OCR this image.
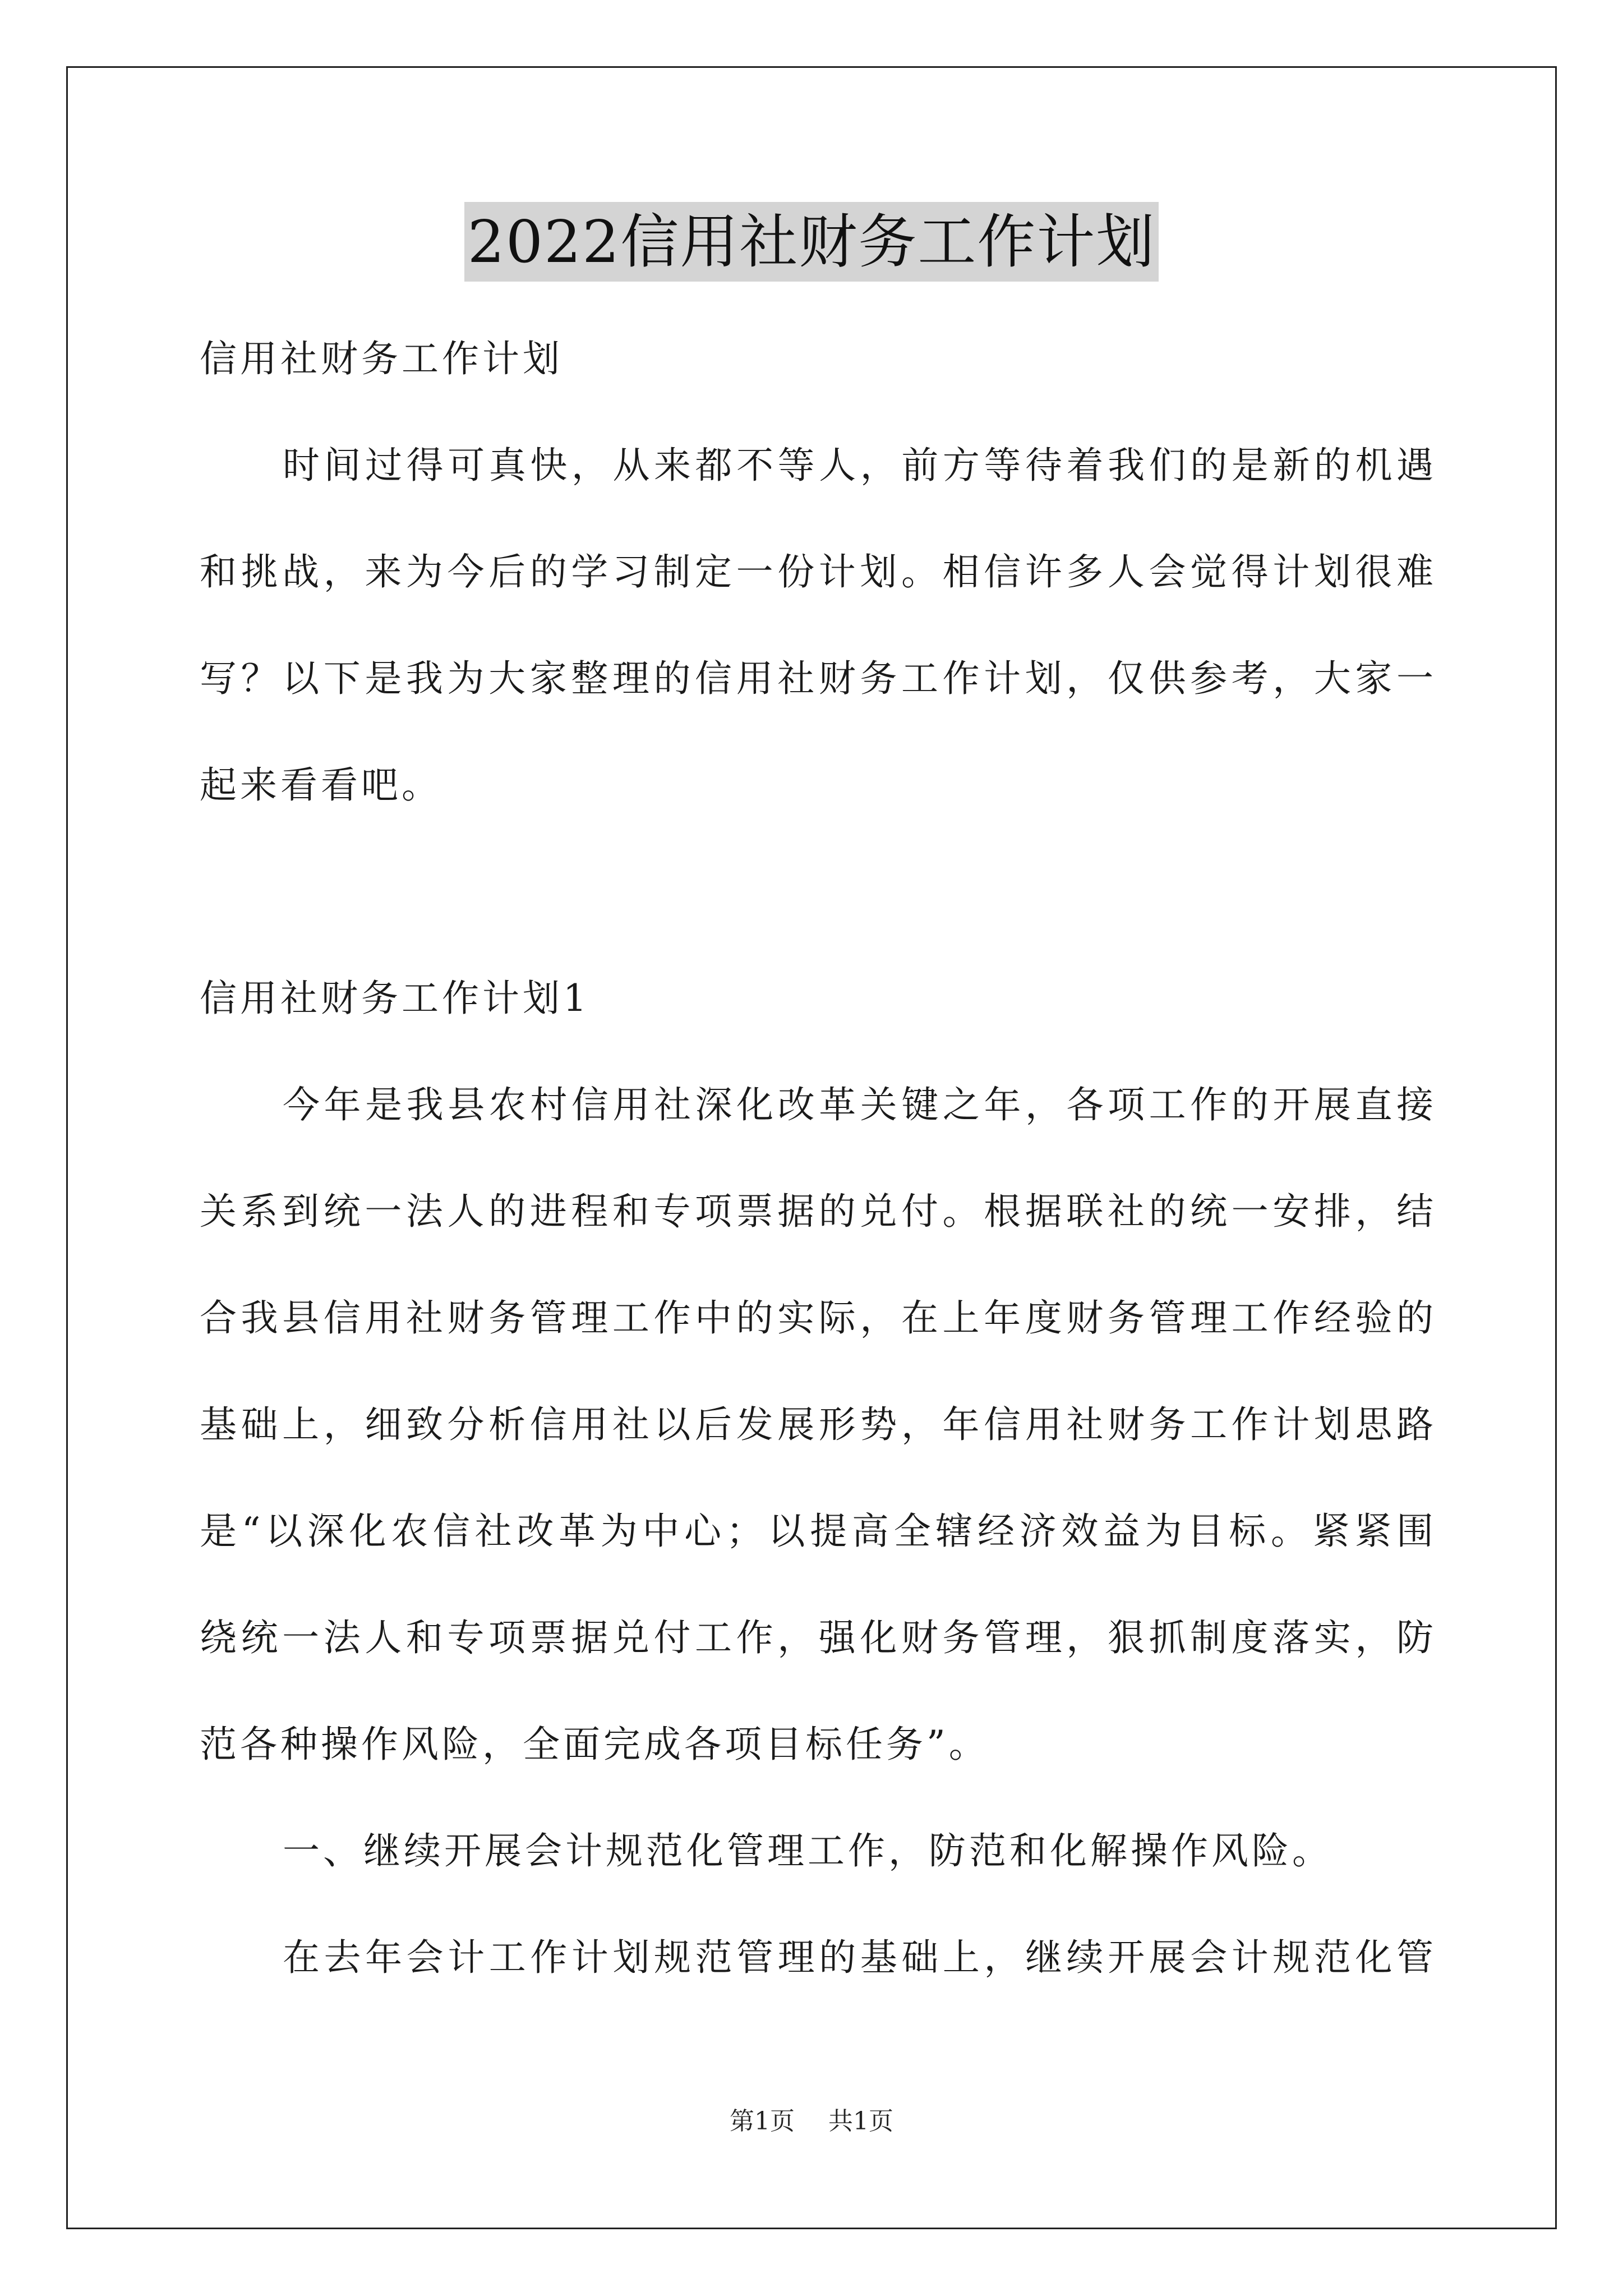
2022信用社财务工作计划
信用社财务工作计划
时间过得可真快，从来都不等人，前方等待着我们的是新的机遇
和挑战，来为今后的学习制定一份计划。相信许多人会觉得计划很难
写？以下是我为大家整理的信用社财务工作计划，仅供参考，大家一
起来看看吧。
信用社财务工作计划1
今年是我县农村信用社深化改革关键之年，各项工作的开展直接
关系到统一法人的进程和专项票据的兑付。根据联社的统一安排，结
合我县信用社财务管理工作中的实际，在上年度财务管理工作经验的
基础上，细致分析信用社以后发展形势，年信用社财务工作计划思路
是“以深化农信社改革为中心；以提高全辖经济效益为目标。紧紧围
绕统一法人和专项票据兑付工作，强化财务管理，狠抓制度落实，防
范各种操作风险，全面完成各项目标任务”。
一、继续开展会计规范化管理工作，防范和化解操作风险。
在去年会计工作计划规范管理的基础上，继续开展会计规范化管
第1页 共1页
